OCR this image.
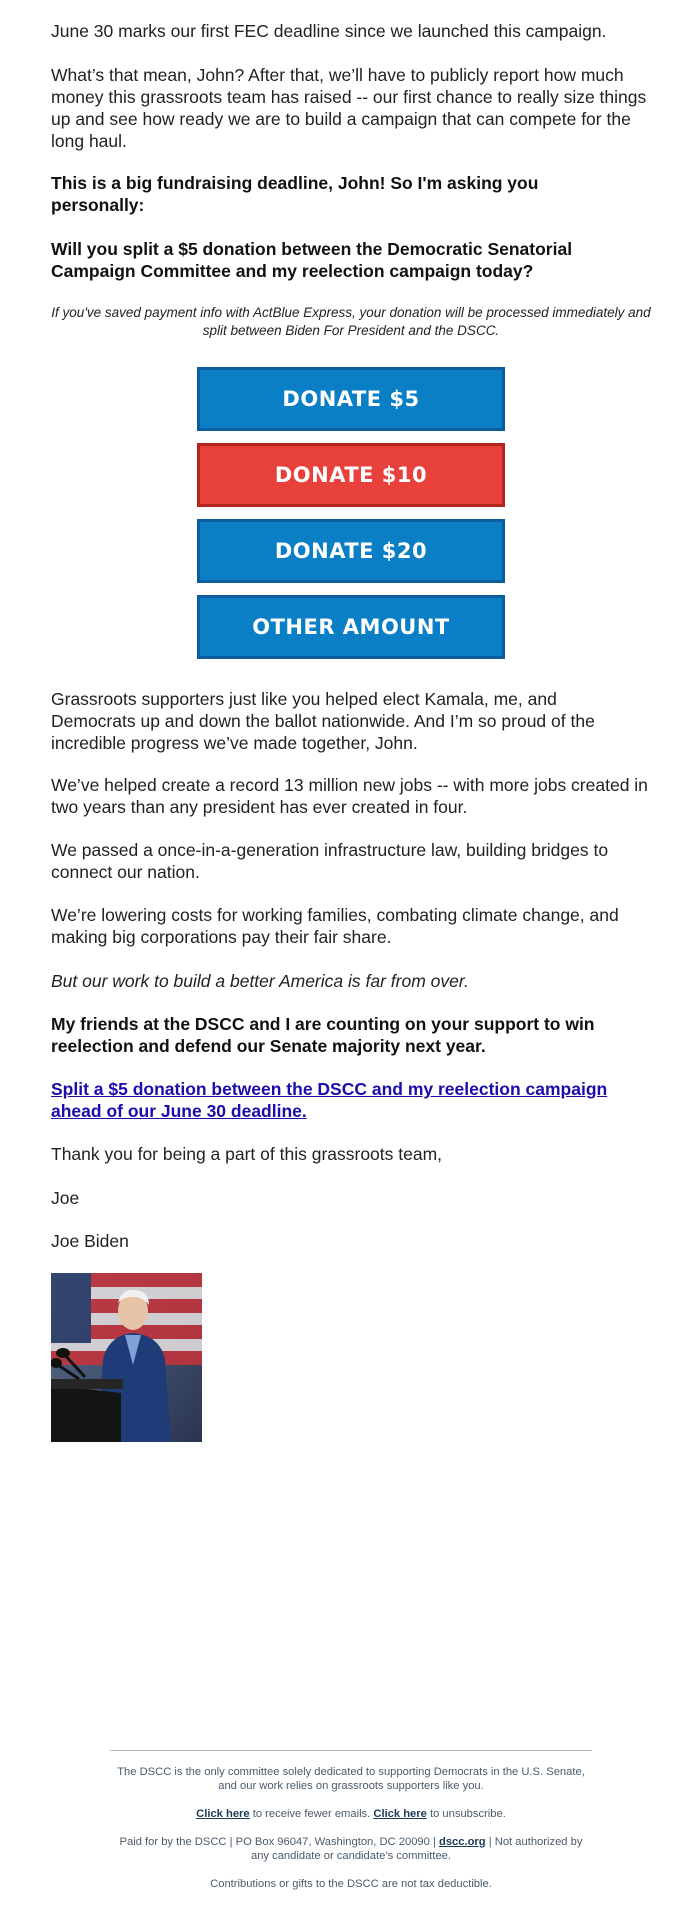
June 30 marks our first FEC deadline since we launched this campaign.

What’s that mean, John? After that, we’ll have to publicly report how much money this grassroots team has raised -- our first chance to really size things up and see how ready we are to build a campaign that can compete for the long haul.

This is a big fundraising deadline, John! So I'm asking you personally:

Will you split a $5 donation between the Democratic Senatorial Campaign Committee and my reelection campaign today?

If you've saved payment info with ActBlue Express, your donation will be processed immediately and split between Biden For President and the DSCC.

DONATE $5
DONATE $10
DONATE $20
OTHER AMOUNT

Grassroots supporters just like you helped elect Kamala, me, and Democrats up and down the ballot nationwide. And I’m so proud of the incredible progress we’ve made together, John.

We’ve helped create a record 13 million new jobs -- with more jobs created in two years than any president has ever created in four.

We passed a once-in-a-generation infrastructure law, building bridges to connect our nation.

We’re lowering costs for working families, combating climate change, and making big corporations pay their fair share.

But our work to build a better America is far from over.

My friends at the DSCC and I are counting on your support to win reelection and defend our Senate majority next year.

Split a $5 donation between the DSCC and my reelection campaign ahead of our June 30 deadline.

Thank you for being a part of this grassroots team,

Joe

Joe Biden

The DSCC is the only committee solely dedicated to supporting Democrats in the U.S. Senate, and our work relies on grassroots supporters like you.

Click here to receive fewer emails. Click here to unsubscribe.

Paid for by the DSCC | PO Box 96047, Washington, DC 20090 | dscc.org | Not authorized by any candidate or candidate’s committee.

Contributions or gifts to the DSCC are not tax deductible.
